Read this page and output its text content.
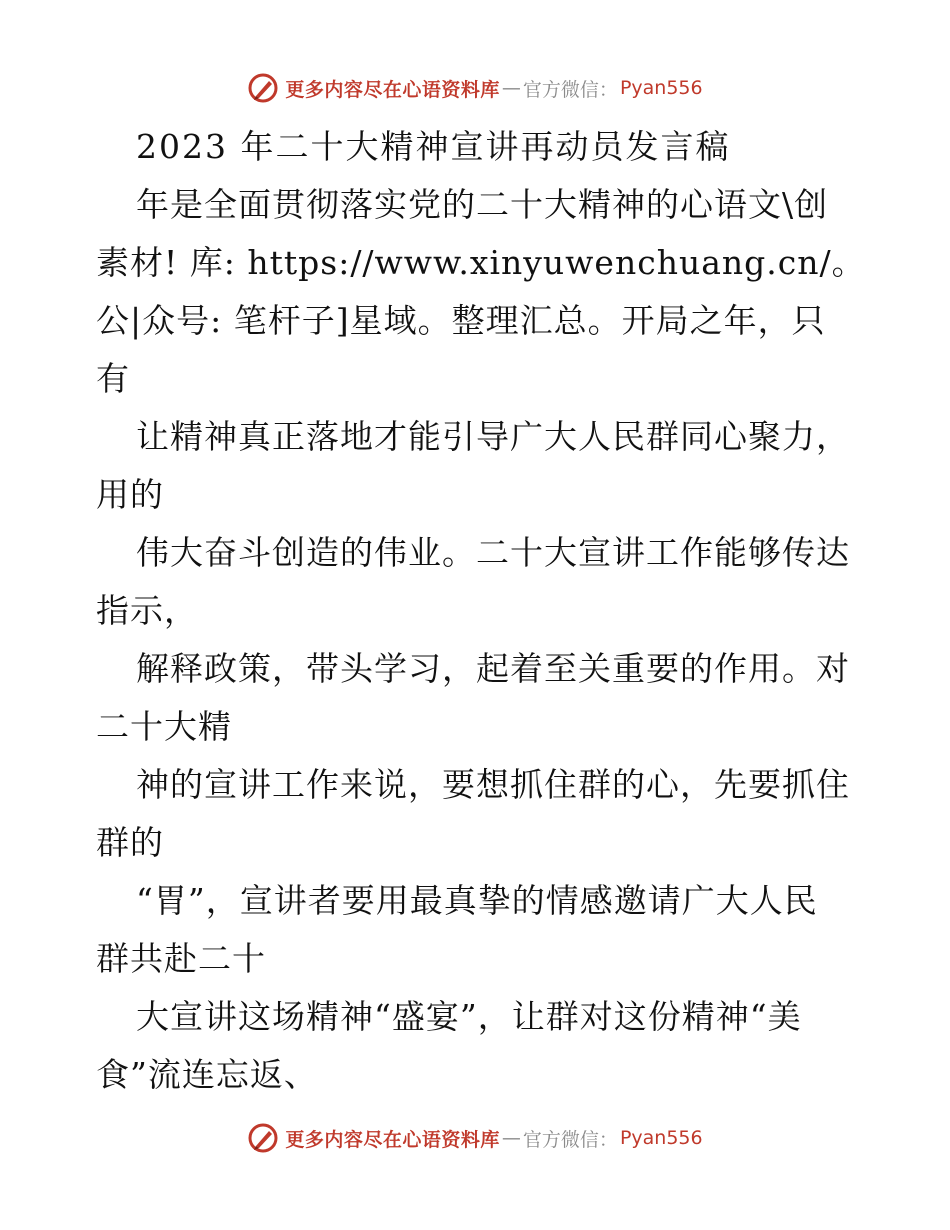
更多内容尽在心语资料库 — 官方微信： Pyan556
2023 年二十大精神宣讲再动员发言稿
年是全面贯彻落实党的二十大精神的心语文\创
素材! 库: https://www.xinyuwenchuang.cn/。
公|众号: 笔杆子]星域。整理汇总。开局之年，只
有
让精神真正落地才能引导广大人民群同心聚力，
用的
伟大奋斗创造的伟业。二十大宣讲工作能够传达
指示，
解释政策，带头学习，起着至关重要的作用。对
二十大精
神的宣讲工作来说，要想抓住群的心，先要抓住
群的
“胃”，宣讲者要用最真挚的情感邀请广大人民
群共赴二十
大宣讲这场精神“盛宴”，让群对这份精神“美
食”流连忘返、
更多内容尽在心语资料库 — 官方微信： Pyan556
